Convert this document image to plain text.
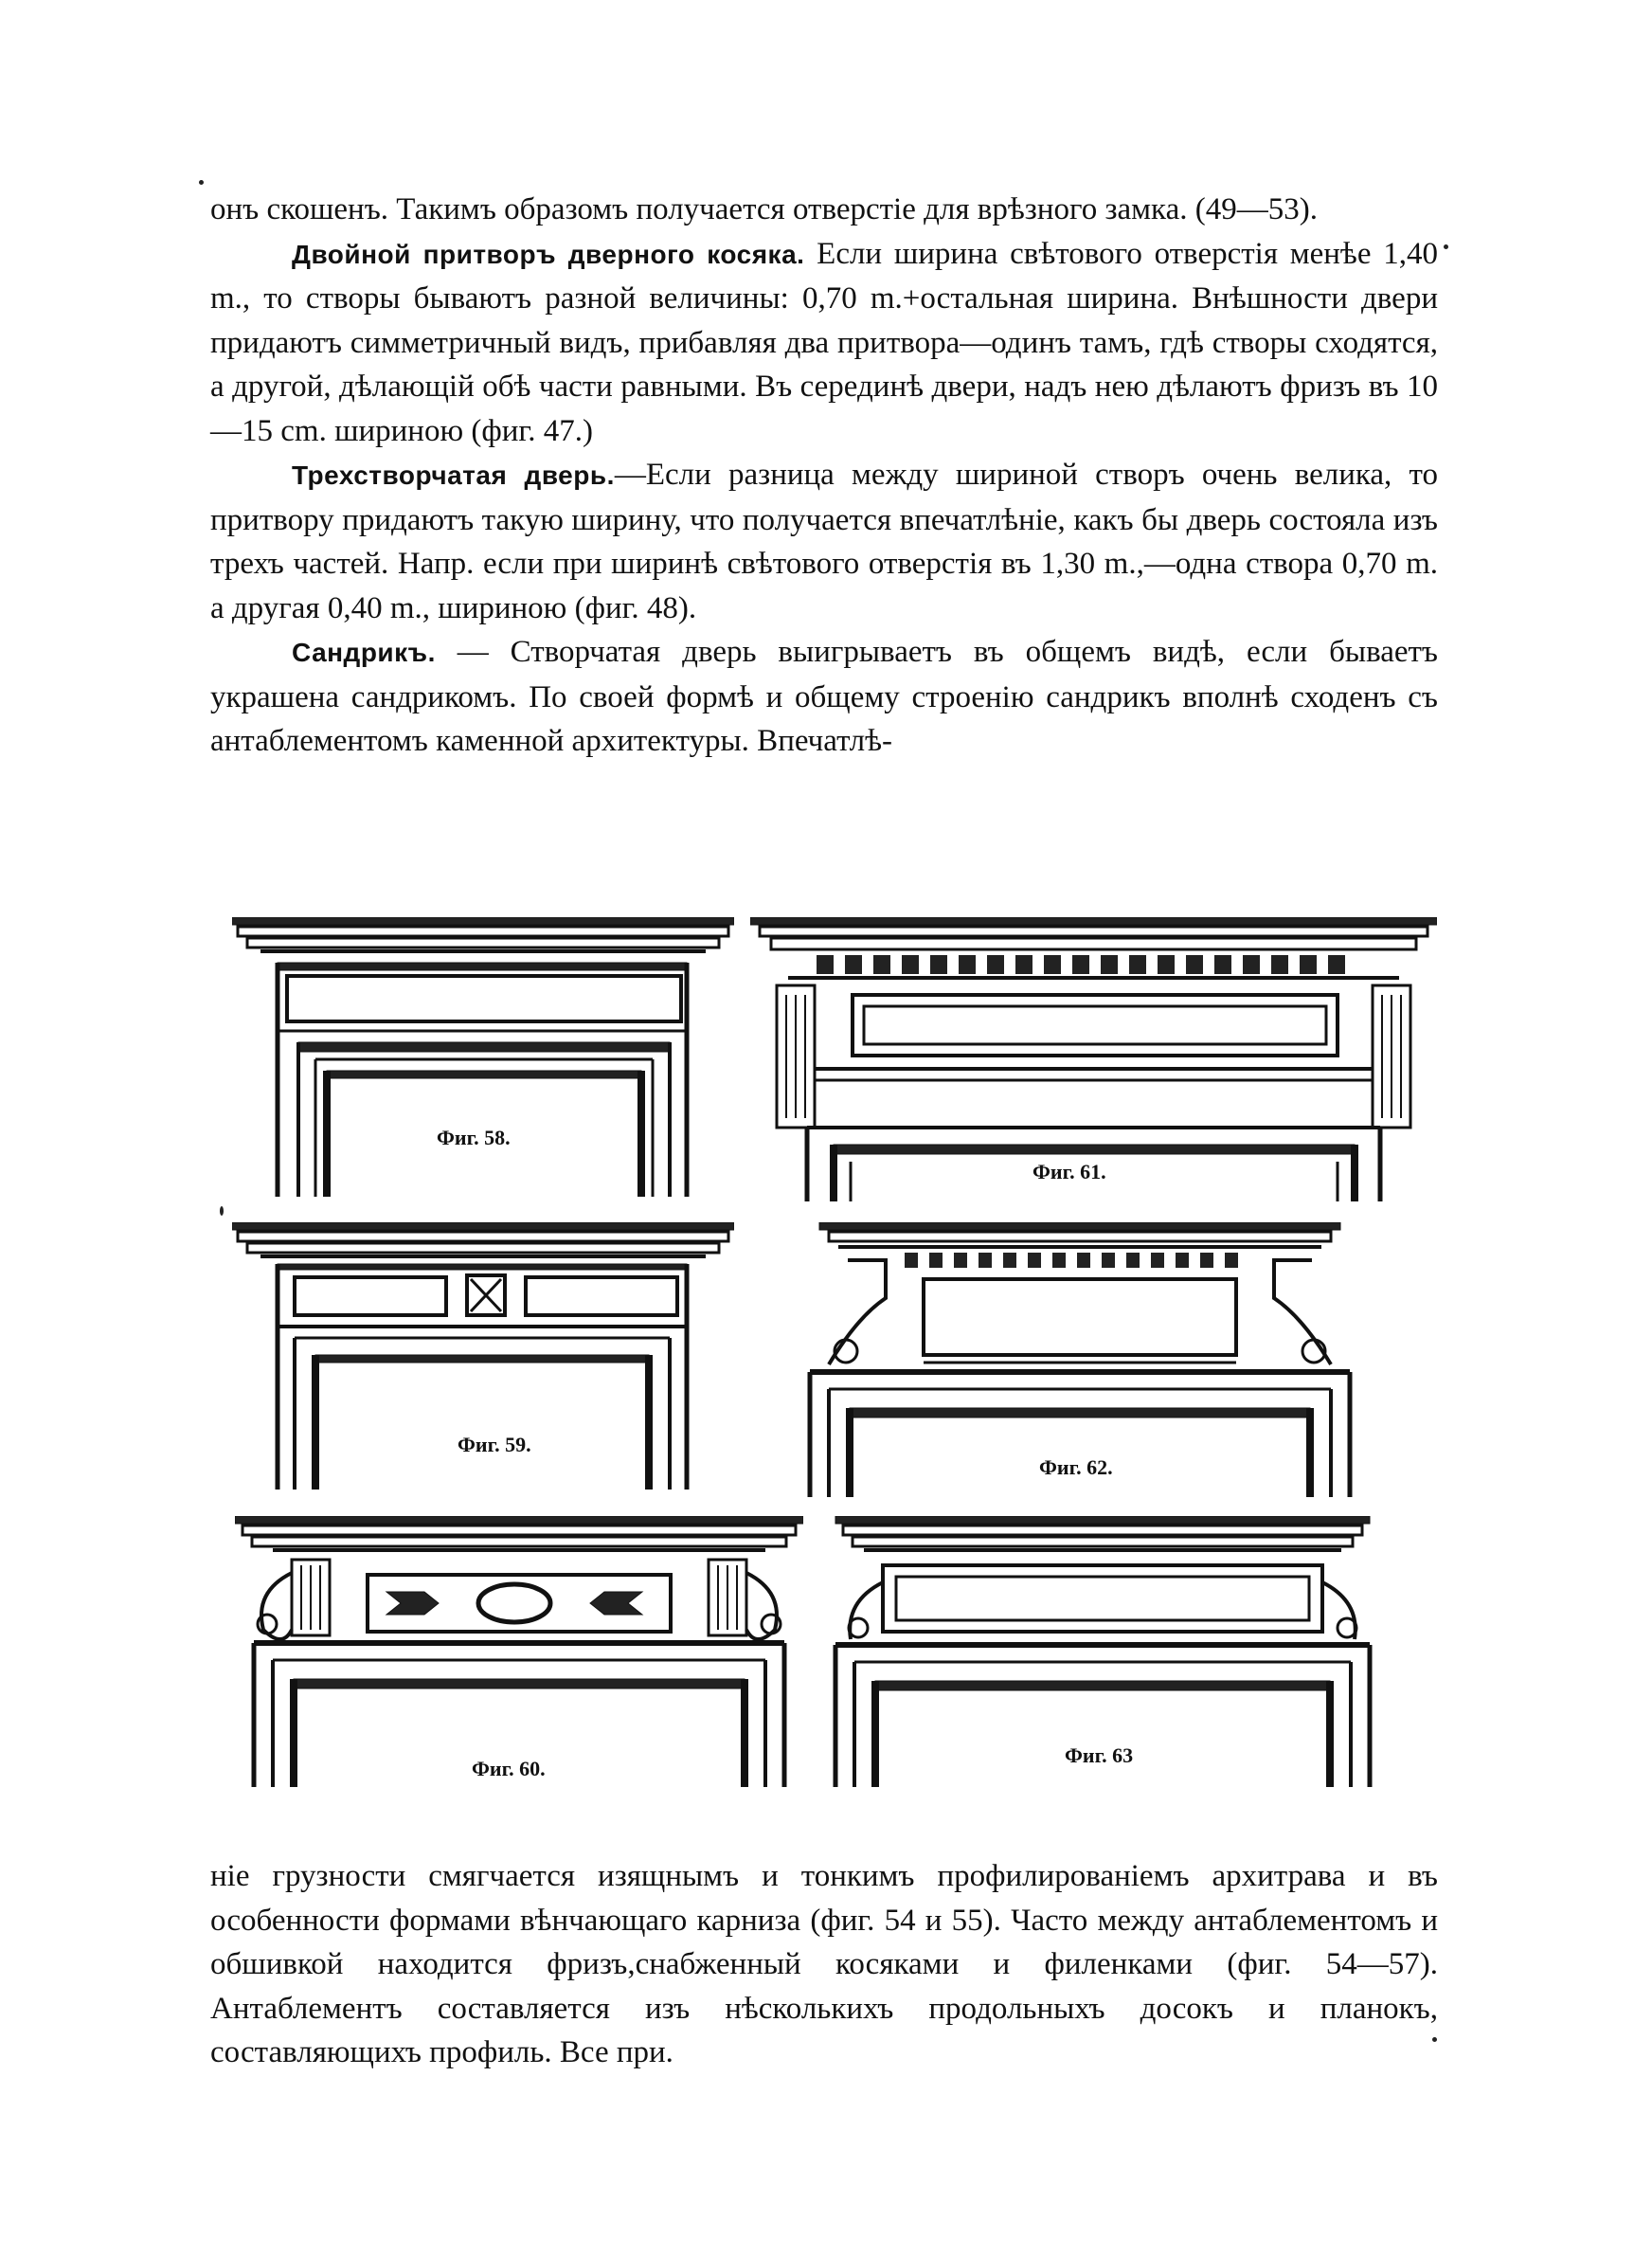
онъ скошенъ. Такимъ образомъ получается отверстіе для врѣзного замка. (49—53).

Двойной притворъ дверного косяка. Если ширина свѣтового отверстія менѣе 1,40 m., то створы бываютъ разной величины: 0,70 m.+остальная ширина. Внѣшности двери придаютъ симметричный видъ, прибавляя два притвора—одинъ тамъ, гдѣ створы сходятся, а другой, дѣлающій обѣ части равными. Въ серединѣ двери, надъ нею дѣлаютъ фризъ въ 10—15 cm. шириною (фиг. 47.)

Трехстворчатая дверь.—Если разница между шириной створъ очень велика, то притвору придаютъ такую ширину, что получается впечатлѣніе, какъ бы дверь состояла изъ трехъ частей. Напр. если при ширинѣ свѣтового отверстія въ 1,30 m.,—одна створа 0,70 m. а другая 0,40 m., шириною (фиг. 48).

Сандрикъ. — Створчатая дверь выигрываетъ въ общемъ видѣ, если бываетъ украшена сандрикомъ. По своей формѣ и общему строенію сандрикъ вполнѣ сходенъ съ антаблементомъ каменной архитектуры. Впечатлѣ-

Фиг. 58.
Фиг. 61.
Фиг. 59.
Фиг. 62.
Фиг. 60.
Фиг. 63

ніе грузности смягчается изящнымъ и тонкимъ профилированіемъ архитрава и въ особенности формами вѣнчающаго карниза (фиг. 54 и 55). Часто между антаблементомъ и обшивкой находится фризъ,снабженный косяками и филенками (фиг. 54—57). Антаблементъ составляется изъ нѣсколькихъ продольныхъ досокъ и планокъ, составляющихъ профиль. Все при.
